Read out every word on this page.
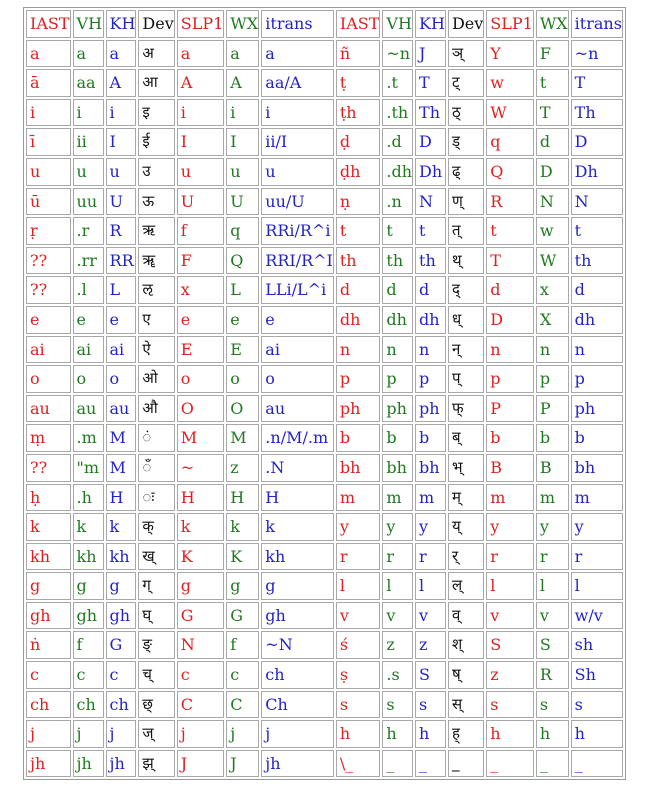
IAST	VH	KH	Dev	SLP1	WX	itrans	IAST	VH	KH	Dev	SLP1	WX	itrans
a	a	a	अ	a	a	a	ñ	~n	J	ञ्	Y	F	~n
ā	aa	A	आ	A	A	aa/A	ṭ	.t	T	ट्	w	t	T
i	i	i	इ	i	i	i	ṭh	.th	Th	ठ्	W	T	Th
ī	ii	I	ई	I	I	ii/I	ḍ	.d	D	ड्	q	d	D
u	u	u	उ	u	u	u	ḍh	.dh	Dh	ढ्	Q	D	Dh
ū	uu	U	ऊ	U	U	uu/U	ṇ	.n	N	ण्	R	N	N
ṛ	.r	R	ऋ	f	q	RRi/R^i	t	t	t	त्	t	w	t
??	.rr	RR	ॠ	F	Q	RRI/R^I	th	th	th	थ्	T	W	th
??	.l	L	ऌ	x	L	LLi/L^i	d	d	d	द्	d	x	d
e	e	e	ए	e	e	e	dh	dh	dh	ध्	D	X	dh
ai	ai	ai	ऐ	E	E	ai	n	n	n	न्	n	n	n
o	o	o	ओ	o	o	o	p	p	p	प्	p	p	p
au	au	au	औ	O	O	au	ph	ph	ph	फ्	P	P	ph
ṃ	.m	M	ं	M	M	.n/M/.m	b	b	b	ब्	b	b	b
??	"m	M	ँ	~	z	.N	bh	bh	bh	भ्	B	B	bh
ḥ	.h	H	ः	H	H	H	m	m	m	म्	m	m	m
k	k	k	क्	k	k	k	y	y	y	य्	y	y	y
kh	kh	kh	ख्	K	K	kh	r	r	r	र्	r	r	r
g	g	g	ग्	g	g	g	l	l	l	ल्	l	l	l
gh	gh	gh	घ्	G	G	gh	v	v	v	व्	v	v	w/v
ṅ	f	G	ङ्	N	f	~N	ś	z	z	श्	S	S	sh
c	c	c	च्	c	c	ch	ṣ	.s	S	ष्	z	R	Sh
ch	ch	ch	छ्	C	C	Ch	s	s	s	स्	s	s	s
j	j	j	ज्	j	j	j	h	h	h	ह्	h	h	h
jh	jh	jh	झ्	J	J	jh	\_	_	_	_	_	_	_
